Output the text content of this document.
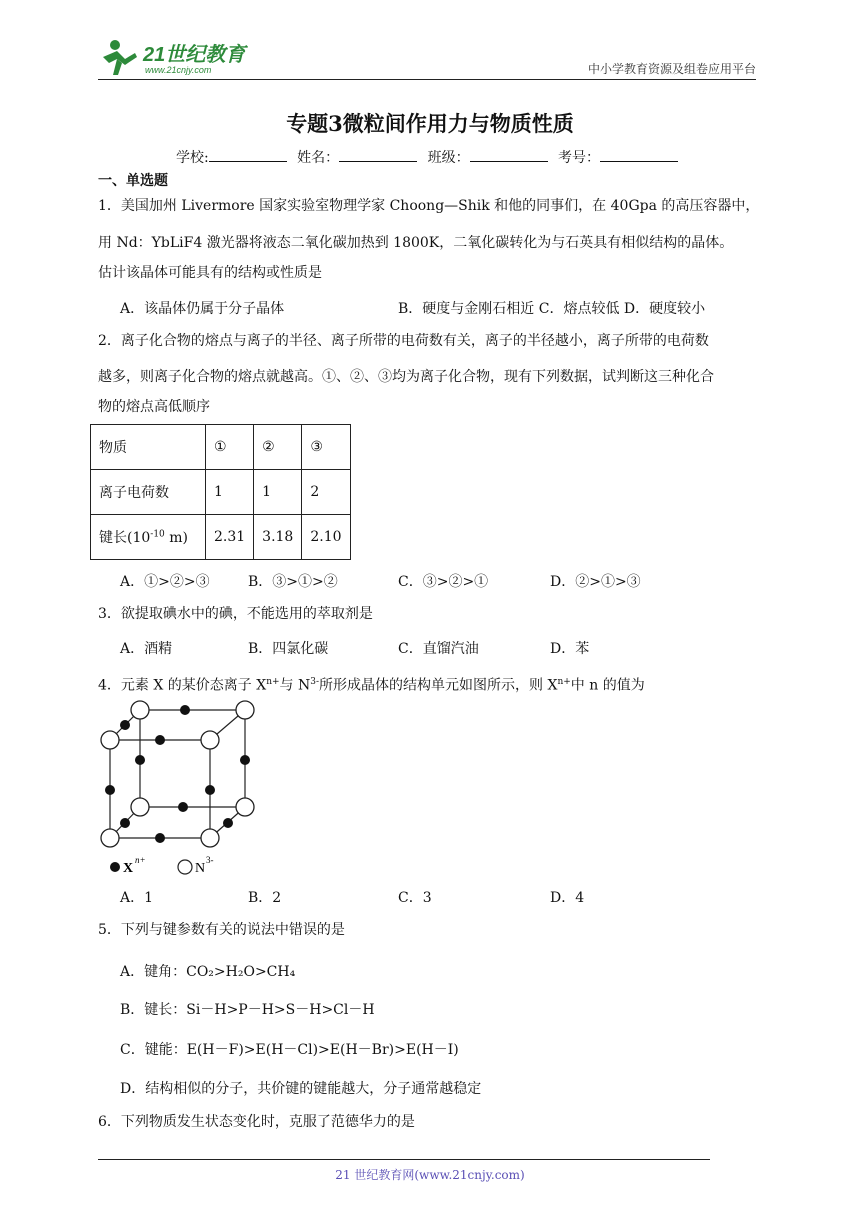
21世纪教育
www.21cnjy.com	中小学教育资源及组卷应用平台
专题3微粒间作用力与物质性质
学校:	姓名：	班级：	考号：
一、单选题
1．美国加州 Livermore 国家实验室物理学家 Choong—Shik 和他的同事们，在 40Gpa 的高压容器中，
用 Nd：YbLiF4 激光器将液态二氧化碳加热到 1800K，二氧化碳转化为与石英具有相似结构的晶体。
估计该晶体可能具有的结构或性质是
A．该晶体仍属于分子晶体	B．硬度与金刚石相近 C．熔点较低 D．硬度较小
2．离子化合物的熔点与离子的半径、离子所带的电荷数有关，离子的半径越小，离子所带的电荷数
越多，则离子化合物的熔点就越高。①、②、③均为离子化合物，现有下列数据，试判断这三种化合
物的熔点高低顺序
物质	①	②	③
离子电荷数	1	1	2
键长($10^{-10}$ m)	2.31	3.18	2.10
A．①>②>③	B．③>①>②	C．③>②>①	D．②>①>③
3．欲提取碘水中的碘，不能选用的萃取剂是
A．酒精	B．四氯化碳	C．直馏汽油	D．苯
4．元素 X 的某价态离子 $X^{n+}$与 $N^{3-}$所形成晶体的结构单元如图所示，则 $X^{n+}$中 n 的值为
X
n+
N
3-
A．1	B．2	C．3	D．4
5．下列与键参数有关的说法中错误的是
A．键角：CO₂>H₂O>CH₄
B．键长：Si－H>P－H>S－H>Cl－H
C．键能：E(H－F)>E(H－Cl)>E(H－Br)>E(H－I)
D．结构相似的分子，共价键的键能越大，分子通常越稳定
6．下列物质发生状态变化时，克服了范德华力的是
21 世纪教育网(www.21cnjy.com)
